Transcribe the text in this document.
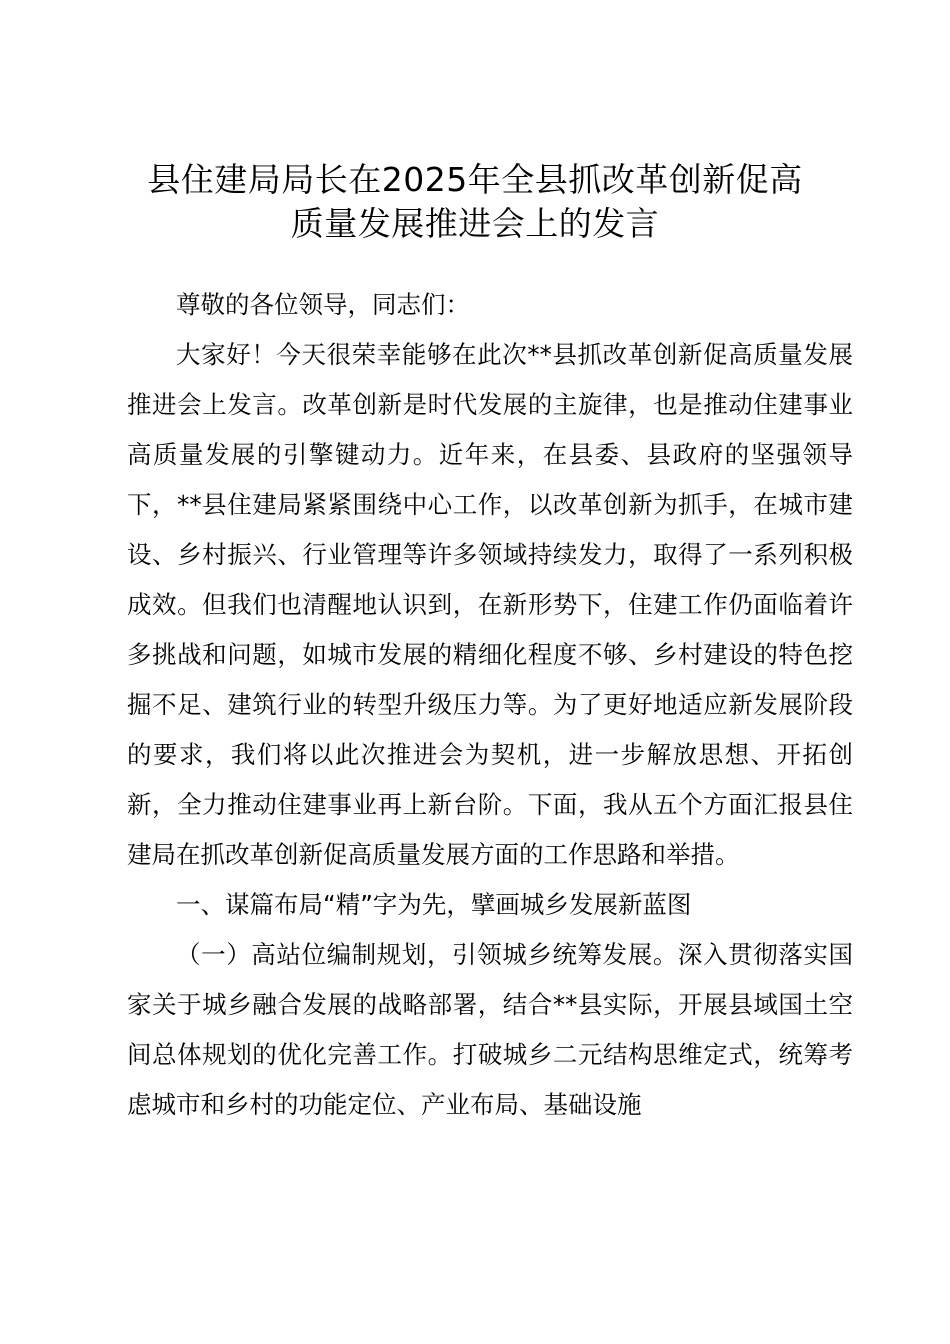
县住建局局长在2025年全县抓改革创新促高
质量发展推进会上的发言

尊敬的各位领导，同志们：

大家好！今天很荣幸能够在此次**县抓改革创新促高质量发展推进会上发言。改革创新是时代发展的主旋律，也是推动住建事业高质量发展的引擎键动力。近年来，在县委、县政府的坚强领导下，**县住建局紧紧围绕中心工作，以改革创新为抓手，在城市建设、乡村振兴、行业管理等许多领域持续发力，取得了一系列积极成效。但我们也清醒地认识到，在新形势下，住建工作仍面临着许多挑战和问题，如城市发展的精细化程度不够、乡村建设的特色挖掘不足、建筑行业的转型升级压力等。为了更好地适应新发展阶段的要求，我们将以此次推进会为契机，进一步解放思想、开拓创新，全力推动住建事业再上新台阶。下面，我从五个方面汇报县住建局在抓改革创新促高质量发展方面的工作思路和举措。

一、谋篇布局“精”字为先，擘画城乡发展新蓝图

（一）高站位编制规划，引领城乡统筹发展。深入贯彻落实国家关于城乡融合发展的战略部署，结合**县实际，开展县域国土空间总体规划的优化完善工作。打破城乡二元结构思维定式，统筹考虑城市和乡村的功能定位、产业布局、基础设施
